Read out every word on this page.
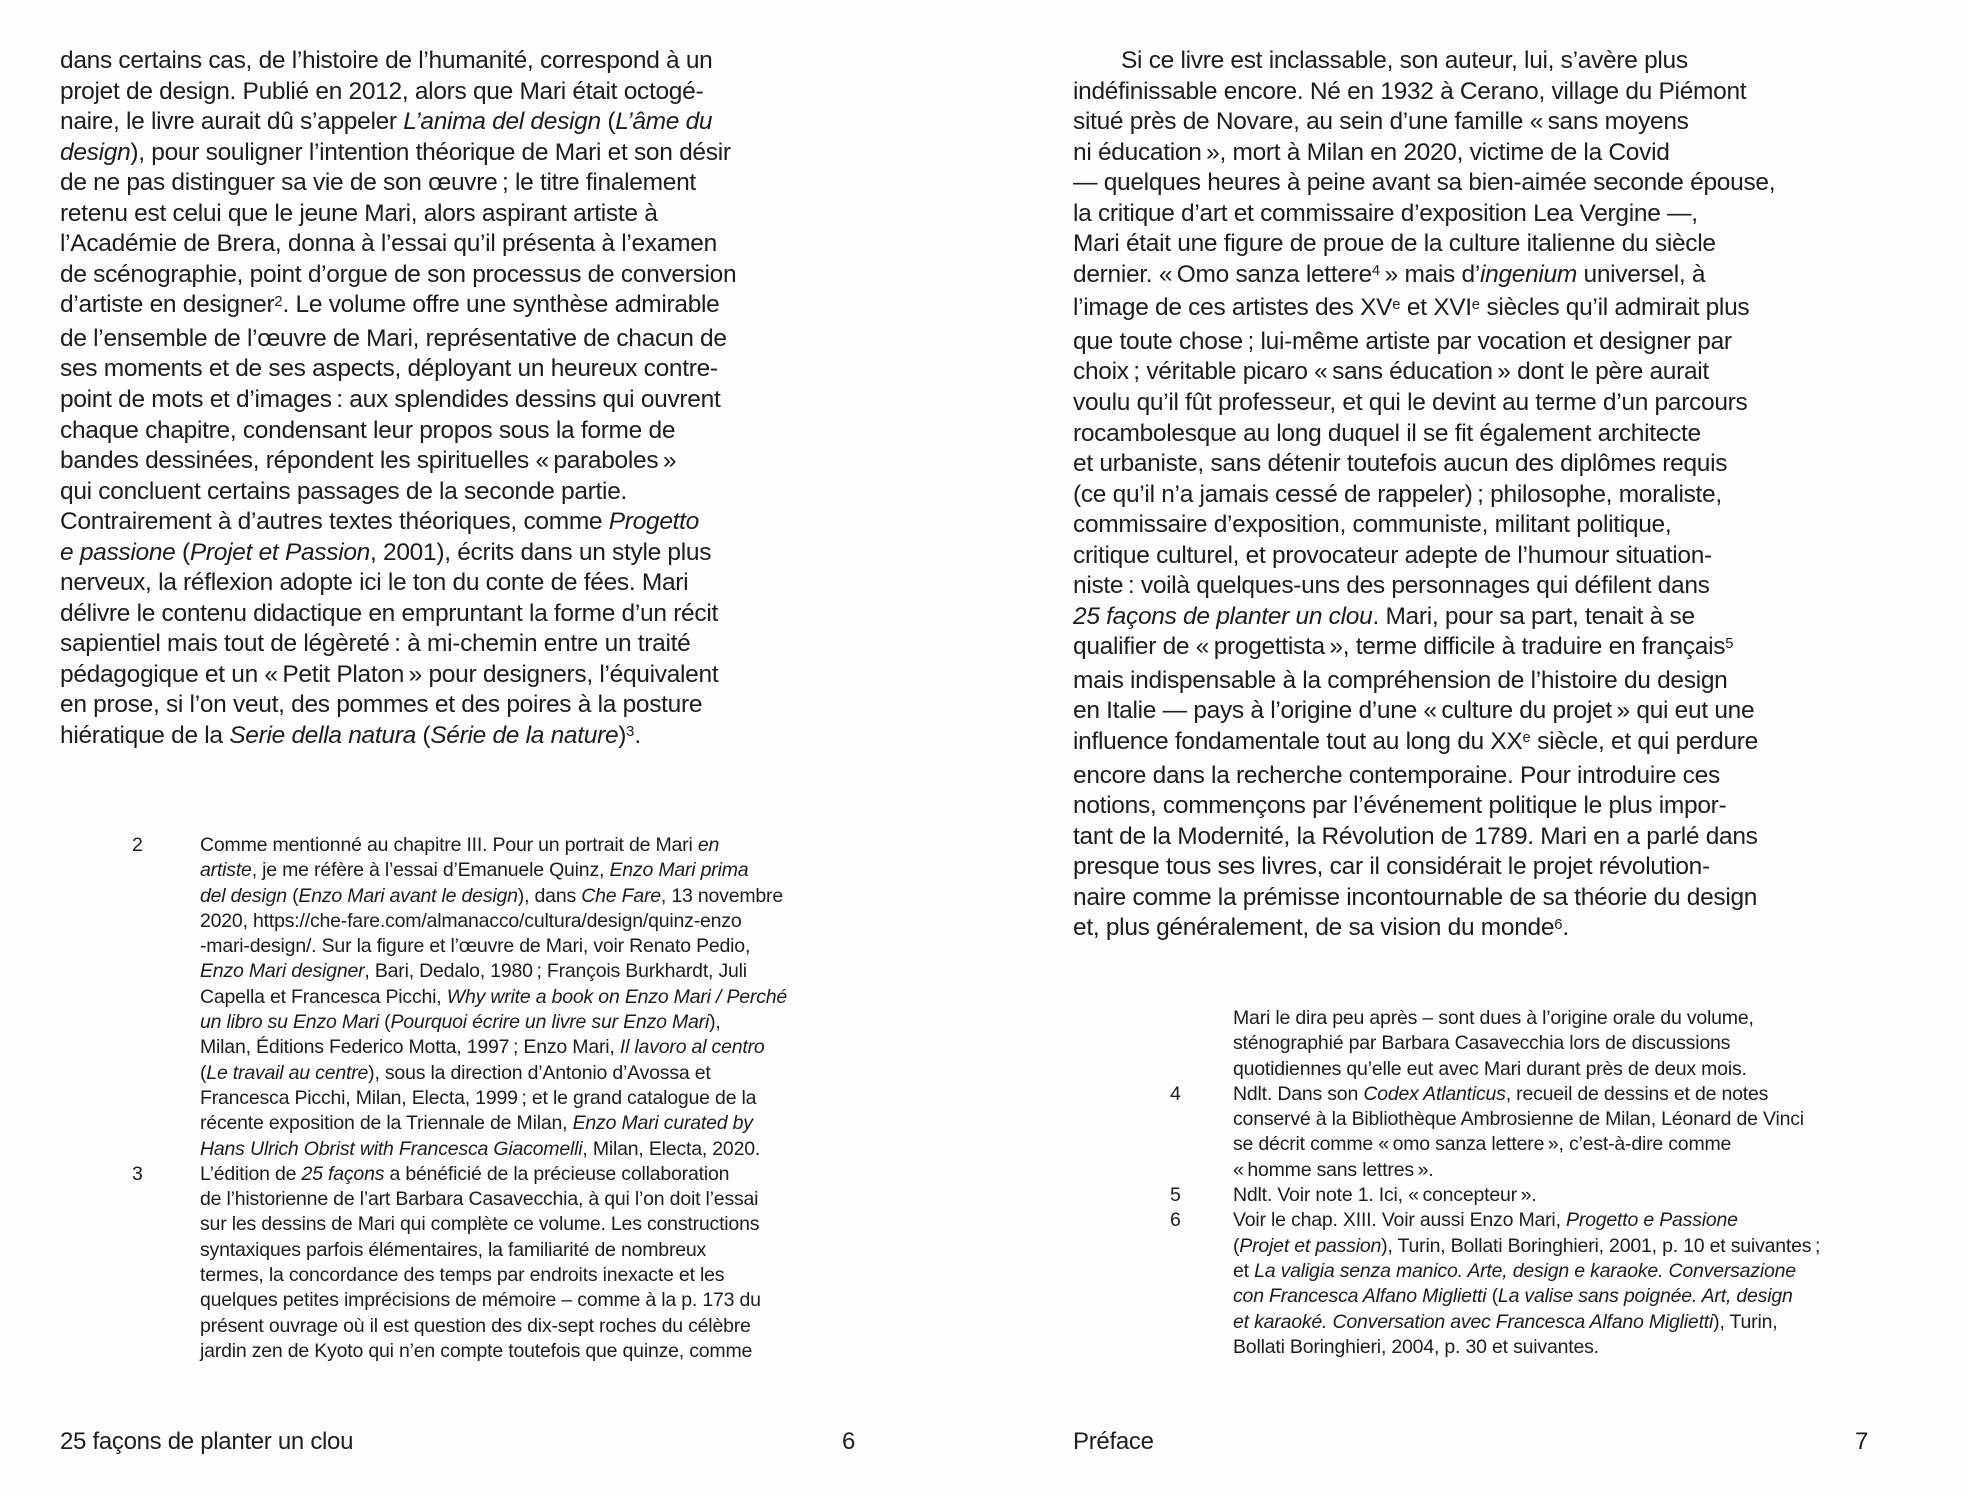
dans certains cas, de l’histoire de l’humanité, correspond à un
projet de design. Publié en 2012, alors que Mari était octogé-
naire, le livre aurait dû s’appeler L’anima del design (L’âme du
design), pour souligner l’intention théorique de Mari et son désir
de ne pas distinguer sa vie de son œuvre ; le titre finalement
retenu est celui que le jeune Mari, alors aspirant artiste à
l’Académie de Brera, donna à l’essai qu’il présenta à l’examen
de scénographie, point d’orgue de son processus de conversion
d’artiste en designer$^2$. Le volume offre une synthèse admirable
de l’ensemble de l’œuvre de Mari, représentative de chacun de
ses moments et de ses aspects, déployant un heureux contre-
point de mots et d’images : aux splendides dessins qui ouvrent
chaque chapitre, condensant leur propos sous la forme de
bandes dessinées, répondent les spirituelles « paraboles »
qui concluent certains passages de la seconde partie.
Contrairement à d’autres textes théoriques, comme Progetto
e passione (Projet et Passion, 2001), écrits dans un style plus
nerveux, la réflexion adopte ici le ton du conte de fées. Mari
délivre le contenu didactique en empruntant la forme d’un récit
sapientiel mais tout de légèreté : à mi-chemin entre un traité
pédagogique et un « Petit Platon » pour designers, l’équivalent
en prose, si l’on veut, des pommes et des poires à la posture
hiératique de la Serie della natura (Série de la nature)$^3$.
2	Comme mentionné au chapitre III. Pour un portrait de Mari en
artiste, je me réfère à l’essai d’Emanuele Quinz, Enzo Mari prima
del design (Enzo Mari avant le design), dans Che Fare, 13 novembre
2020, https://che-fare.com/almanacco/cultura/design/quinz-enzo
-mari-design/. Sur la figure et l’œuvre de Mari, voir Renato Pedio,
Enzo Mari designer, Bari, Dedalo, 1980 ; François Burkhardt, Juli
Capella et Francesca Picchi, Why write a book on Enzo Mari / Perché
un libro su Enzo Mari (Pourquoi écrire un livre sur Enzo Mari),
Milan, Éditions Federico Motta, 1997 ; Enzo Mari, Il lavoro al centro
(Le travail au centre), sous la direction d’Antonio d’Avossa et
Francesca Picchi, Milan, Electa, 1999 ; et le grand catalogue de la
récente exposition de la Triennale de Milan, Enzo Mari curated by
Hans Ulrich Obrist with Francesca Giacomelli, Milan, Electa, 2020.
3	L’édition de 25 façons a bénéficié de la précieuse collaboration
de l’historienne de l’art Barbara Casavecchia, à qui l’on doit l’essai
sur les dessins de Mari qui complète ce volume. Les constructions
syntaxiques parfois élémentaires, la familiarité de nombreux
termes, la concordance des temps par endroits inexacte et les
quelques petites imprécisions de mémoire – comme à la p. 173 du
présent ouvrage où il est question des dix-sept roches du célèbre
jardin zen de Kyoto qui n’en compte toutefois que quinze, comme
25 façons de planter un clou	6
Si ce livre est inclassable, son auteur, lui, s’avère plus
indéfinissable encore. Né en 1932 à Cerano, village du Piémont
situé près de Novare, au sein d’une famille « sans moyens
ni éducation », mort à Milan en 2020, victime de la Covid
— quelques heures à peine avant sa bien-aimée seconde épouse,
la critique d’art et commissaire d’exposition Lea Vergine —,
Mari était une figure de proue de la culture italienne du siècle
dernier. « Omo sanza lettere$^4$ » mais d’ingenium universel, à
l’image de ces artistes des XVe et XVIe siècles qu’il admirait plus
que toute chose ; lui-même artiste par vocation et designer par
choix ; véritable picaro « sans éducation » dont le père aurait
voulu qu’il fût professeur, et qui le devint au terme d’un parcours
rocambolesque au long duquel il se fit également architecte
et urbaniste, sans détenir toutefois aucun des diplômes requis
(ce qu’il n’a jamais cessé de rappeler) ; philosophe, moraliste,
commissaire d’exposition, communiste, militant politique,
critique culturel, et provocateur adepte de l’humour situation-
niste : voilà quelques-uns des personnages qui défilent dans
25 façons de planter un clou. Mari, pour sa part, tenait à se
qualifier de « progettista », terme difficile à traduire en français$^5$
mais indispensable à la compréhension de l’histoire du design
en Italie — pays à l’origine d’une « culture du projet » qui eut une
influence fondamentale tout au long du XXe siècle, et qui perdure
encore dans la recherche contemporaine. Pour introduire ces
notions, commençons par l’événement politique le plus impor-
tant de la Modernité, la Révolution de 1789. Mari en a parlé dans
presque tous ses livres, car il considérait le projet révolution-
naire comme la prémisse incontournable de sa théorie du design
et, plus généralement, de sa vision du monde$^6$.
Mari le dira peu après – sont dues à l’origine orale du volume,
sténographié par Barbara Casavecchia lors de discussions
quotidiennes qu’elle eut avec Mari durant près de deux mois.
4	Ndlt. Dans son Codex Atlanticus, recueil de dessins et de notes
conservé à la Bibliothèque Ambrosienne de Milan, Léonard de Vinci
se décrit comme « omo sanza lettere », c’est-à-dire comme
« homme sans lettres ».
5	Ndlt. Voir note 1. Ici, « concepteur ».
6	Voir le chap. XIII. Voir aussi Enzo Mari, Progetto e Passione
(Projet et passion), Turin, Bollati Boringhieri, 2001, p. 10 et suivantes ;
et La valigia senza manico. Arte, design e karaoke. Conversazione
con Francesca Alfano Miglietti (La valise sans poignée. Art, design
et karaoké. Conversation avec Francesca Alfano Miglietti), Turin,
Bollati Boringhieri, 2004, p. 30 et suivantes.
Préface	7
